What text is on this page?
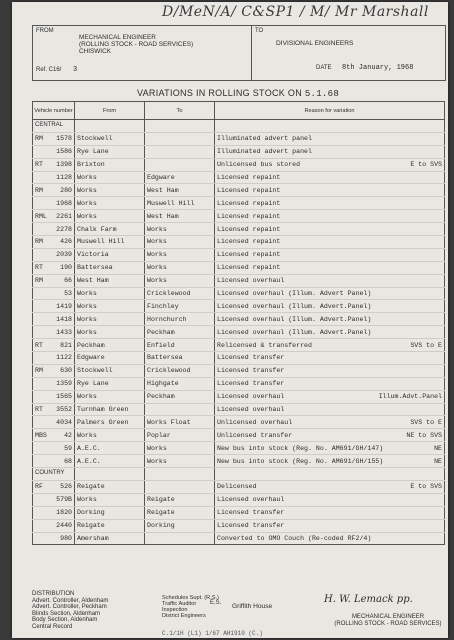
D/MeN/A/ C&SP1 / M/ Mr Marshall
FROM
MECHANICAL ENGINEER
(ROLLING STOCK - ROAD SERVICES)
CHISWICK
Ref. C16/ 3
TO
DIVISIONAL ENGINEERS
DATE 8th January, 1968
VARIATIONS IN ROLLING STOCK ON 5.1.68
Vehicle number	From	To	Reason for variation
CENTRAL			

RM 1578	Stockwell		Illuminated advert panel

1586	Rye Lane		Illuminated advert panel

RT 1398	Brixton		Unlicensed bus stored E to SVS

1128	Works	Edgware	Licensed repaint

RM 280	Works	West Ham	Licensed repaint

1968	Works	Muswell Hill	Licensed repaint

RML 2261	Works	West Ham	Licensed repaint

2278	Chalk Farm	Works	Licensed repaint

RM 426	Muswell Hill	Works	Licensed repaint

2039	Victoria	Works	Licensed repaint

RT 190	Battersea	Works	Licensed repaint

RM 66	West Ham	Works	Licensed overhaul

53	Works	Cricklewood	Licensed overhaul (Illum. Advert Panel)

1419	Works	Finchley	Licensed overhaul (Illum. Advert.Panel)

1418	Works	Hornchurch	Licensed overhaul (Illum. Advert.Panel)

1433	Works	Peckham	Licensed overhaul (Illum. Advert.Panel)

RT 821	Peckham	Enfield	Relicensed & transferred SVS to E

1122	Edgware	Battersea	Licensed transfer

RM 630	Stockwell	Cricklewood	Licensed transfer

1359	Rye Lane	Highgate	Licensed transfer

1565	Works	Peckham	Licensed overhaul Illum.Advt.Panel

RT 3552	Turnham Green		Licensed overhaul

4034	Palmers Green	Works Float	Unlicensed overhaul SVS to E

MBS 42	Works	Poplar	Unlicensed transfer NE to SVS

59	A.E.C.	Works	New bus into stock (Reg. No. AM691/GH/147) NE

68	A.E.C.	Works	New bus into stock (Reg. No. AM691/GH/155) NE

COUNTRY			

RF 526	Reigate		Delicensed E to SVS

579B	Works	Reigate	Licensed overhaul

1820	Dorking	Reigate	Licensed transfer

2440	Reigate	Dorking	Licensed transfer

980	Amersham		Converted to OMO Couch (Re-coded RF2/4)
DISTRIBUTION
Advert. Controller, Aldenham
Advert. Controller, Peckham
Blinds Section, Aldenham
Body Section, Aldenham
Central Record
Schedules Supt. (R.S.)
Traffic Auditor
Inspection
District Engineers
E.S. Griffith House
H. W. Lemack pp.
MECHANICAL ENGINEER
(ROLLING STOCK - ROAD SERVICES)
C.1/1H (L1) 1/67 AH1910 (C.)
